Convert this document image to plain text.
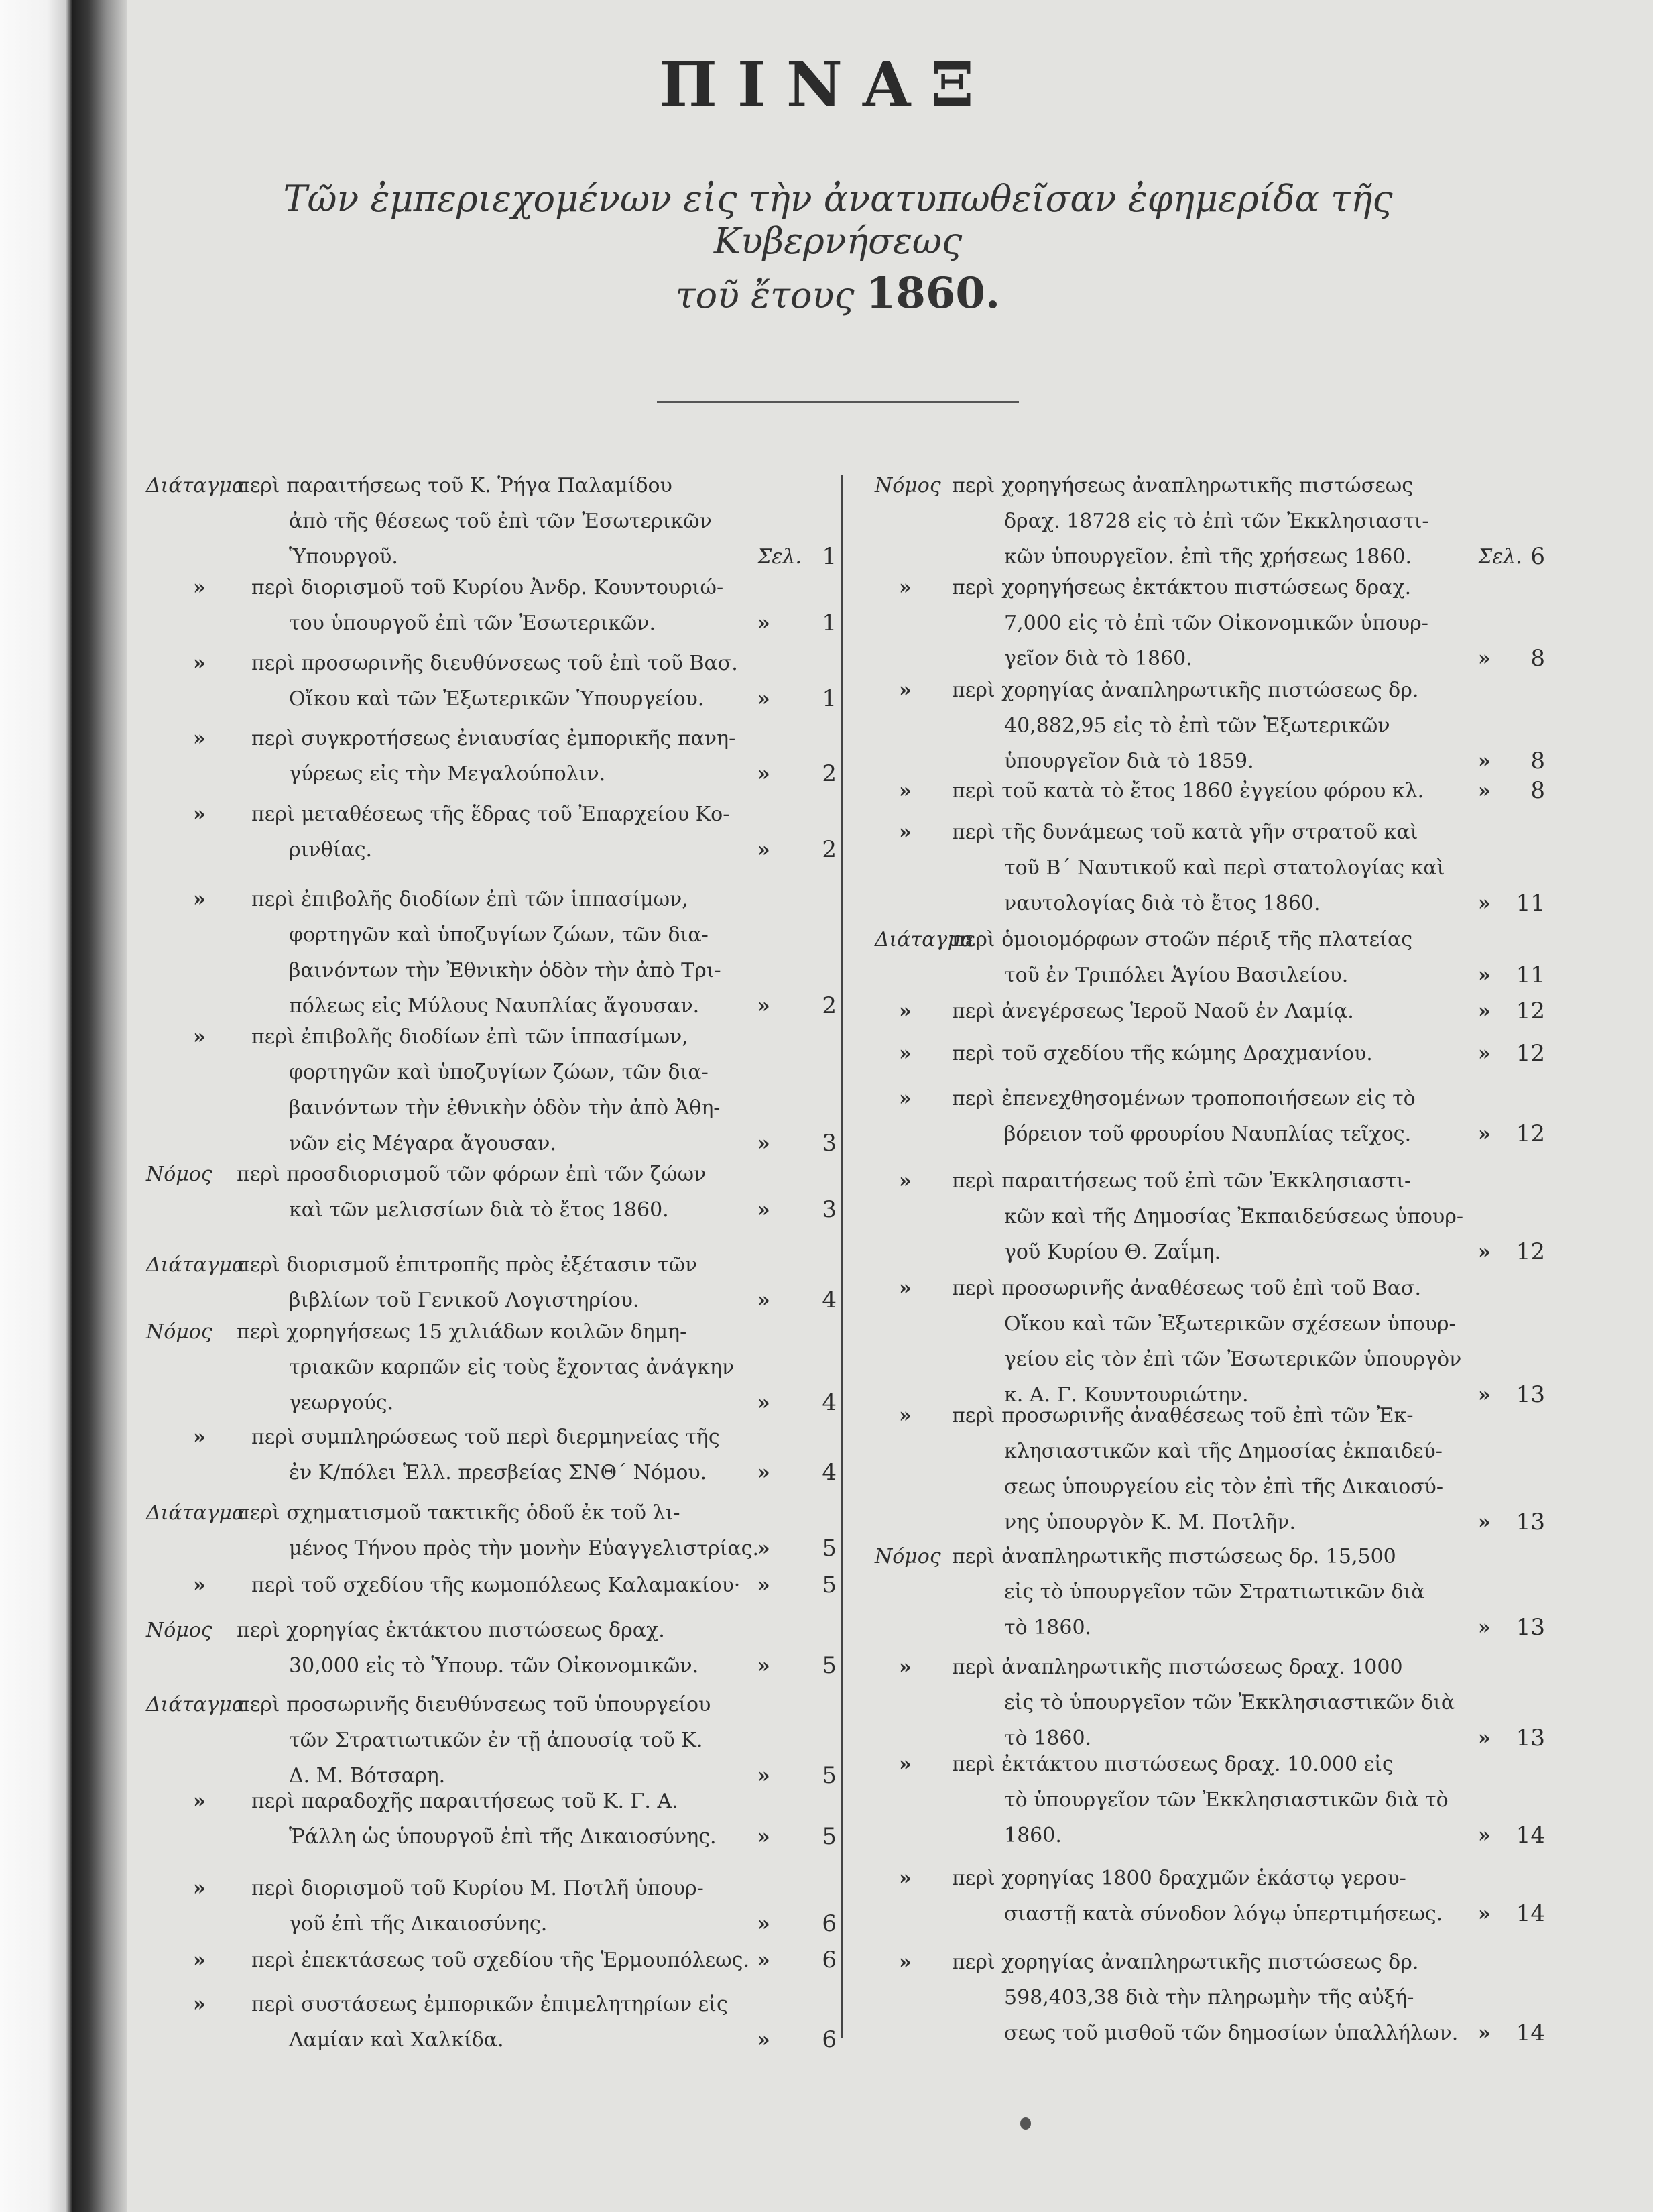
ΠΙΝΑΞ
Τῶν ἐμπεριεχομένων εἰς τὴν ἀνατυπωθεῖσαν ἐφημερίδα τῆς Κυβερνήσεως
τοῦ ἔτους 1860.
Διάταγμα
περὶ παραιτήσεως τοῦ Κ. Ῥήγα Παλαμίδου
ἀπὸ τῆς θέσεως τοῦ ἐπὶ τῶν Ἐσωτερικῶν
Ὑπουργοῦ.	Σελ. 1
» περὶ διορισμοῦ τοῦ Κυρίου Ἀνδρ. Κουντουριώ-
του ὑπουργοῦ ἐπὶ τῶν Ἐσωτερικῶν.	» 1
» περὶ προσωρινῆς διευθύνσεως τοῦ ἐπὶ τοῦ Βασ.
Οἴκου καὶ τῶν Ἐξωτερικῶν Ὑπουργείου.	» 1
» περὶ συγκροτήσεως ἐνιαυσίας ἐμπορικῆς πανη-
γύρεως εἰς τὴν Μεγαλούπολιν.	» 2
» περὶ μεταθέσεως τῆς ἕδρας τοῦ Ἐπαρχείου Κο-
ρινθίας.	» 2
» περὶ ἐπιβολῆς διοδίων ἐπὶ τῶν ἱππασίμων,
φορτηγῶν καὶ ὑποζυγίων ζώων, τῶν δια-
βαινόντων τὴν Ἐθνικὴν ὁδὸν τὴν ἀπὸ Τρι-
πόλεως εἰς Μύλους Ναυπλίας ἄγουσαν.	» 2
» περὶ ἐπιβολῆς διοδίων ἐπὶ τῶν ἱππασίμων,
φορτηγῶν καὶ ὑποζυγίων ζώων, τῶν δια-
βαινόντων τὴν ἐθνικὴν ὁδὸν τὴν ἀπὸ Ἀθη-
νῶν εἰς Μέγαρα ἄγουσαν.	» 3
Νόμος περὶ προσδιορισμοῦ τῶν φόρων ἐπὶ τῶν ζώων
καὶ τῶν μελισσίων διὰ τὸ ἔτος 1860.	» 3
Διάταγμα
περὶ διορισμοῦ ἐπιτροπῆς πρὸς ἐξέτασιν τῶν
βιβλίων τοῦ Γενικοῦ Λογιστηρίου.	» 4
Νόμος περὶ χορηγήσεως 15 χιλιάδων κοιλῶν δημη-
τριακῶν καρπῶν εἰς τοὺς ἔχοντας ἀνάγκην
γεωργούς.	» 4
» περὶ συμπληρώσεως τοῦ περὶ διερμηνείας τῆς
ἐν Κ/πόλει Ἑλλ. πρεσβείας ΣΝΘ΄ Νόμου.	» 4
Διάταγμα
περὶ σχηματισμοῦ τακτικῆς ὁδοῦ ἐκ τοῦ λι-
μένος Τήνου πρὸς τὴν μονὴν Εὐαγγελιστρίας.
» 5
» περὶ τοῦ σχεδίου τῆς κωμοπόλεως Καλαμακίου· » 5
Νόμος περὶ χορηγίας ἐκτάκτου πιστώσεως δραχ.
30,000 εἰς τὸ Ὑπουρ. τῶν Οἰκονομικῶν.	» 5
Διάταγμα
περὶ προσωρινῆς διευθύνσεως τοῦ ὑπουργείου
τῶν Στρατιωτικῶν ἐν τῇ ἀπουσίᾳ τοῦ Κ.
Δ. Μ. Βότσαρη.	» 5
» περὶ παραδοχῆς παραιτήσεως τοῦ Κ. Γ. Α.
Ῥάλλη ὡς ὑπουργοῦ ἐπὶ τῆς Δικαιοσύνης.	» 5
» περὶ διορισμοῦ τοῦ Κυρίου Μ. Ποτλῆ ὑπουρ-
γοῦ ἐπὶ τῆς Δικαιοσύνης.	» 6
» περὶ ἐπεκτάσεως τοῦ σχεδίου τῆς Ἑρμουπόλεως. » 6
» περὶ συστάσεως ἐμπορικῶν ἐπιμελητηρίων εἰς
Λαμίαν καὶ Χαλκίδα.	» 6
Νόμος περὶ χορηγήσεως ἀναπληρωτικῆς πιστώσεως
δραχ. 18728 εἰς τὸ ἐπὶ τῶν Ἐκκλησιαστι-
κῶν ὑπουργεῖον. ἐπὶ τῆς χρήσεως 1860.	Σελ. 6
» περὶ χορηγήσεως ἐκτάκτου πιστώσεως δραχ.
7,000 εἰς τὸ ἐπὶ τῶν Οἰκονομικῶν ὑπουρ-
γεῖον διὰ τὸ 1860.	» 8
» περὶ χορηγίας ἀναπληρωτικῆς πιστώσεως δρ.
40,882,95 εἰς τὸ ἐπὶ τῶν Ἐξωτερικῶν
ὑπουργεῖον διὰ τὸ 1859.	» 8
» περὶ τοῦ κατὰ τὸ ἔτος 1860 ἐγγείου φόρου κλ.	» 8
» περὶ τῆς δυνάμεως τοῦ κατὰ γῆν στρατοῦ καὶ
τοῦ Β΄ Ναυτικοῦ καὶ περὶ στατολογίας καὶ
ναυτολογίας διὰ τὸ ἔτος 1860.	» 11
Διάταγμα
περὶ ὁμοιομόρφων στοῶν πέριξ τῆς πλατείας
τοῦ ἐν Τριπόλει Ἁγίου Βασιλείου.	» 11
» περὶ ἀνεγέρσεως Ἱεροῦ Ναοῦ ἐν Λαμίᾳ.	» 12
» περὶ τοῦ σχεδίου τῆς κώμης Δραχμανίου.	» 12
» περὶ ἐπενεχθησομένων τροποποιήσεων εἰς τὸ
βόρειον τοῦ φρουρίου Ναυπλίας τεῖχος.	» 12
» περὶ παραιτήσεως τοῦ ἐπὶ τῶν Ἐκκλησιαστι-
κῶν καὶ τῆς Δημοσίας Ἐκπαιδεύσεως ὑπουρ-
γοῦ Κυρίου Θ. Ζαΐμη.	» 12
» περὶ προσωρινῆς ἀναθέσεως τοῦ ἐπὶ τοῦ Βασ.
Οἴκου καὶ τῶν Ἐξωτερικῶν σχέσεων ὑπουρ-
γείου εἰς τὸν ἐπὶ τῶν Ἐσωτερικῶν ὑπουργὸν
κ. Α. Γ. Κουντουριώτην.	» 13
» περὶ προσωρινῆς ἀναθέσεως τοῦ ἐπὶ τῶν Ἐκ-
κλησιαστικῶν καὶ τῆς Δημοσίας ἐκπαιδεύ-
σεως ὑπουργείου εἰς τὸν ἐπὶ τῆς Δικαιοσύ-
νης ὑπουργὸν Κ. Μ. Ποτλῆν.	» 13
Νόμος περὶ ἀναπληρωτικῆς πιστώσεως δρ. 15,500
εἰς τὸ ὑπουργεῖον τῶν Στρατιωτικῶν διὰ
τὸ 1860.	» 13
» περὶ ἀναπληρωτικῆς πιστώσεως δραχ. 1000
εἰς τὸ ὑπουργεῖον τῶν Ἐκκλησιαστικῶν διὰ
τὸ 1860.	» 13
» περὶ ἐκτάκτου πιστώσεως δραχ. 10.000 εἰς
τὸ ὑπουργεῖον τῶν Ἐκκλησιαστικῶν διὰ τὸ
1860.	» 14
» περὶ χορηγίας 1800 δραχμῶν ἑκάστῳ γερου-
σιαστῇ κατὰ σύνοδον λόγῳ ὑπερτιμήσεως. » 14
» περὶ χορηγίας ἀναπληρωτικῆς πιστώσεως δρ.
598,403,38 διὰ τὴν πληρωμὴν τῆς αὐξή-
σεως τοῦ μισθοῦ τῶν δημοσίων ὑπαλλήλων. » 14
